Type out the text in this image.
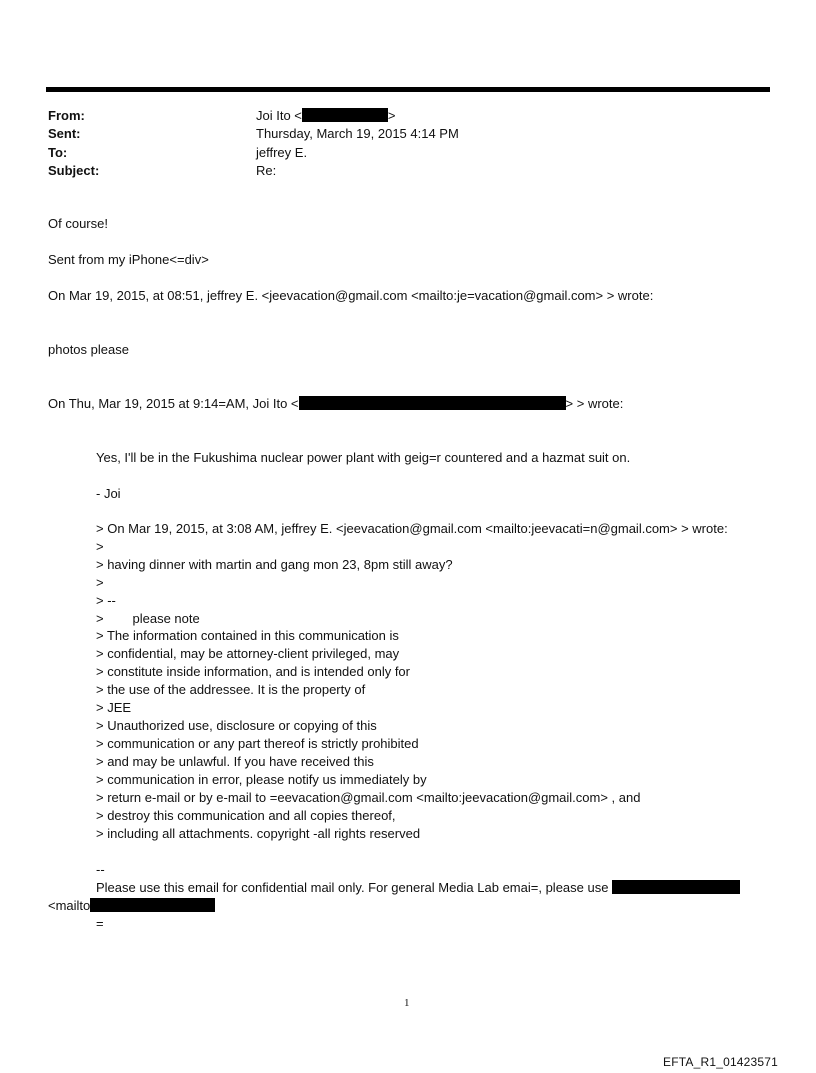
From:	Joi Ito <	>
Sent:	Thursday, March 19, 2015 4:14 PM
To:	jeffrey E.
Subject:	Re:
Of course!
Sent from my iPhone<=div>
On Mar 19, 2015, at 08:51, jeffrey E. <jeevacation@gmail.com <mailto:je=vacation@gmail.com> > wrote:
photos please
On Thu, Mar 19, 2015 at 9:14=AM, Joi Ito <	> > wrote:
Yes, I'll be in the Fukushima nuclear power plant with geig=r countered and a hazmat suit on.
- Joi
> On Mar 19, 2015, at 3:08 AM, jeffrey E. <jeevacation@gmail.com <mailto:jeevacati=n@gmail.com> > wrote:
>
> having dinner with martin and gang mon 23, 8pm still away?
>
> --
>        please note
> The information contained in this communication is
> confidential, may be attorney-client privileged, may
> constitute inside information, and is intended only for
> the use of the addressee. It is the property of
> JEE
> Unauthorized use, disclosure or copying of this
> communication or any part thereof is strictly prohibited
> and may be unlawful. If you have received this
> communication in error, please notify us immediately by
> return e-mail or by e-mail to =eevacation@gmail.com <mailto:jeevacation@gmail.com> , and
> destroy this communication and all copies thereof,
> including all attachments. copyright -all rights reserved
--
Please use this email for confidential mail only. For general Media Lab emai=, please use
<mailto
=
1
EFTA_R1_01423571
